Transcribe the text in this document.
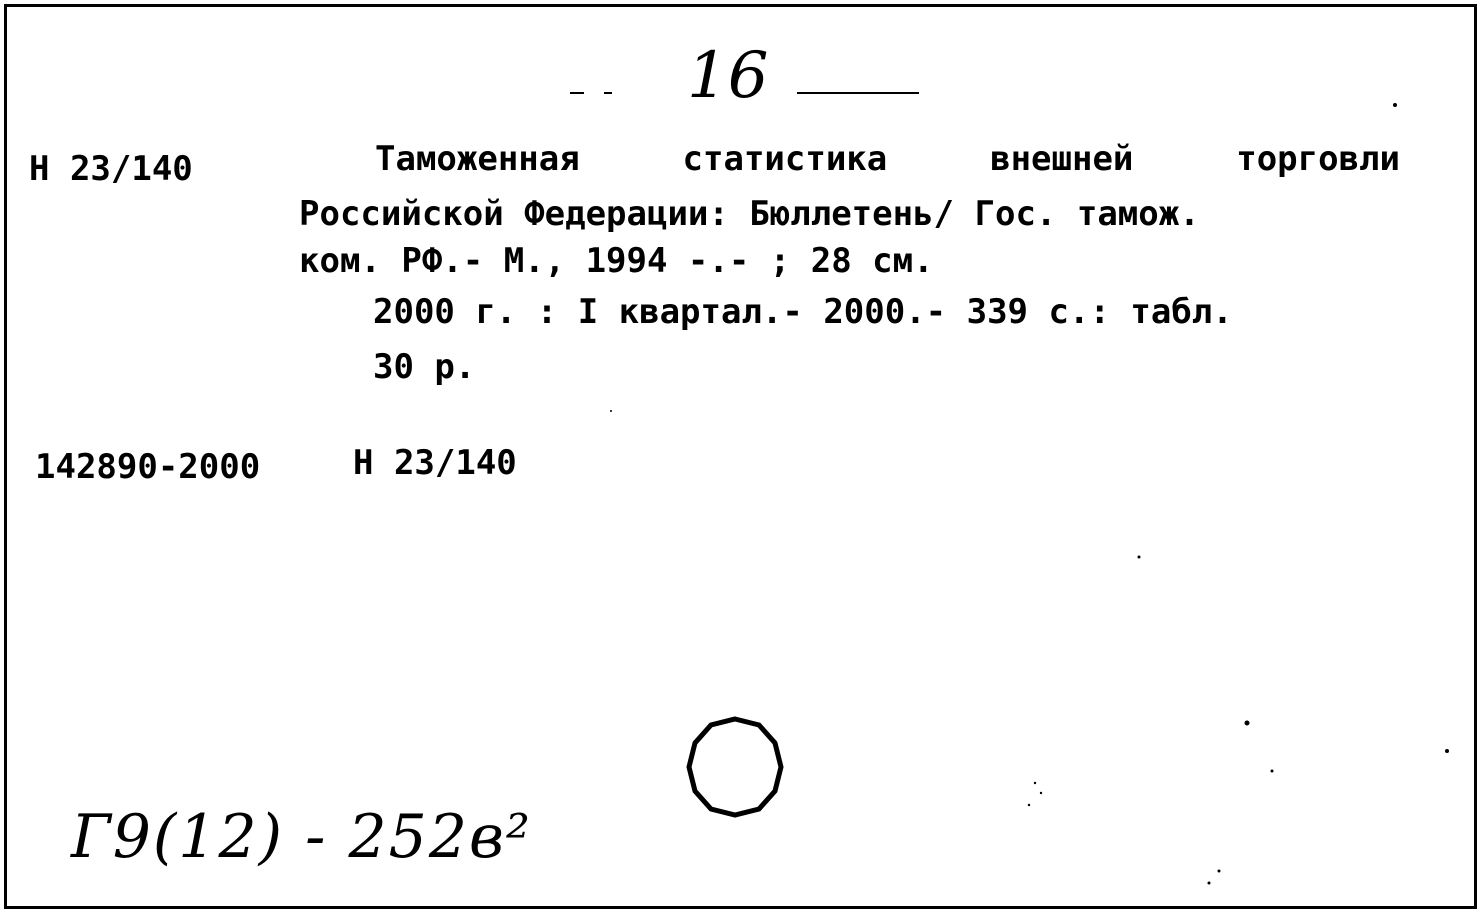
16
Н 23/140	Таможенная	статистика	внешней	торговли
Российской Федерации: Бюллетень/ Гос. тамож.
ком. РФ.- М., 1994 -.- ; 28 см.
2000 г. : I квартал.- 2000.- 339 с.: табл.
30 р.
142890-2000	Н 23/140
Г9(12) - 252в²
